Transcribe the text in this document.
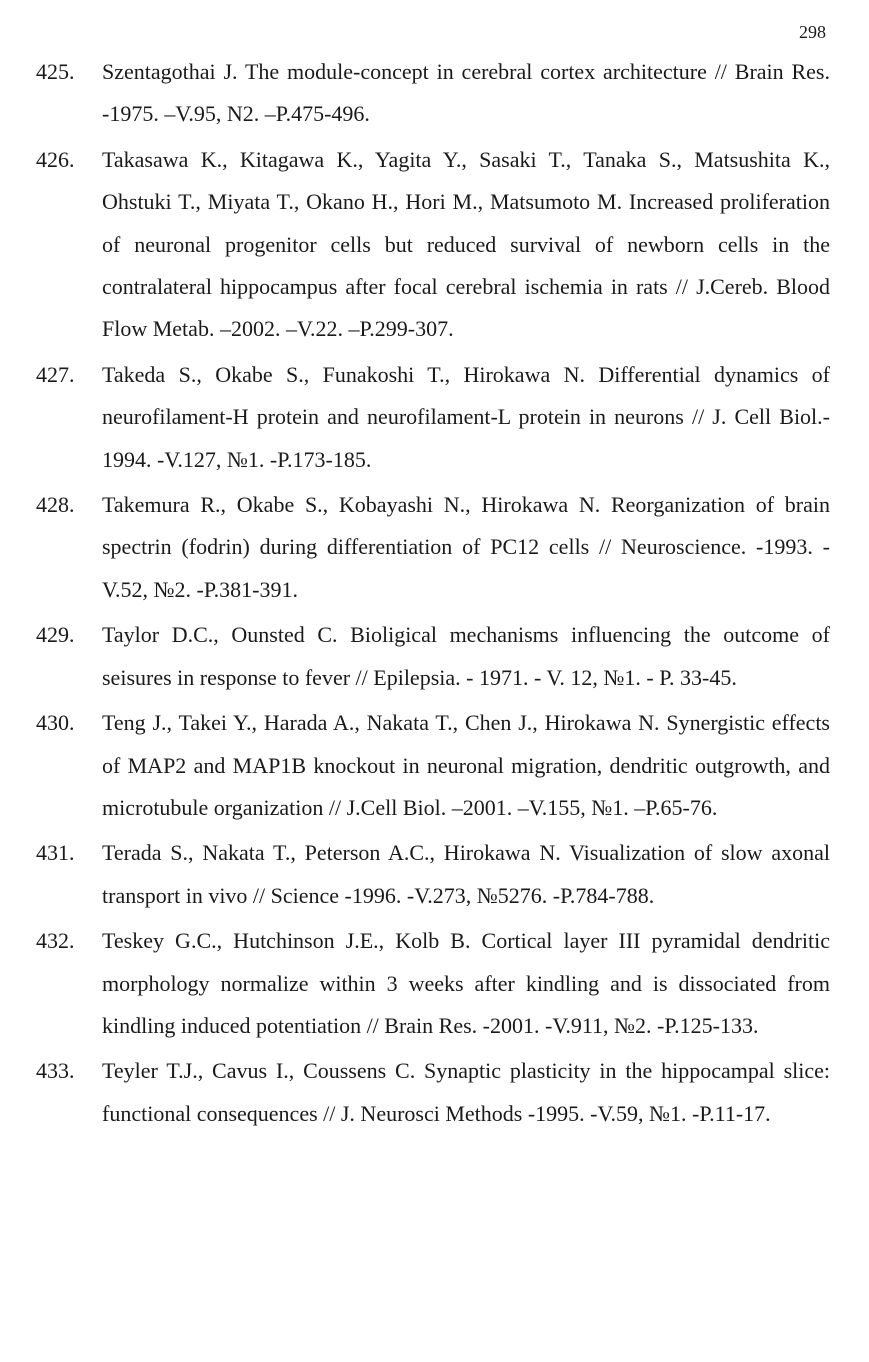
298
425.	Szentagothai J. The module-concept in cerebral cortex architecture // Brain Res. -1975. –V.95, N2. –P.475-496.
426.	Takasawa K., Kitagawa K., Yagita Y., Sasaki T., Tanaka S., Matsushita K., Ohstuki T., Miyata T., Okano H., Hori M., Matsumoto M. Increased proliferation of neuronal progenitor cells but reduced survival of newborn cells in the contralateral hippocampus after focal cerebral ischemia in rats // J.Cereb. Blood Flow Metab. –2002. –V.22. –P.299-307.
427.	Takeda S., Okabe S., Funakoshi T., Hirokawa N. Differential dynamics of neurofilament-H protein and neurofilament-L protein in neurons // J. Cell Biol.- 1994. -V.127, №1. -P.173-185.
428.	Takemura R., Okabe S., Kobayashi N., Hirokawa N. Reorganization of brain spectrin (fodrin) during differentiation of PC12 cells // Neuroscience. -1993. -V.52, №2. -P.381-391.
429.	Taylor D.C., Ounsted C. Bioligical mechanisms influencing the outcome of seisures in response to fever // Epilepsia. - 1971. - V. 12, №1. - P. 33-45.
430.	Teng J., Takei Y., Harada A., Nakata T., Chen J., Hirokawa N. Synergistic effects of MAP2 and MAP1B knockout in neuronal migration, dendritic outgrowth, and microtubule organization // J.Cell Biol. –2001. –V.155, №1. –P.65-76.
431.	Terada S., Nakata T., Peterson A.C., Hirokawa N. Visualization of slow axonal transport in vivo // Science -1996. -V.273, №5276. -P.784-788.
432.	Teskey G.C., Hutchinson J.E., Kolb B. Cortical layer III pyramidal dendritic morphology normalize within 3 weeks after kindling and is dissociated from kindling induced potentiation // Brain Res. -2001. -V.911, №2. -P.125-133.
433.	Teyler T.J., Cavus I., Coussens C. Synaptic plasticity in the hippocampal slice: functional consequences // J. Neurosci Methods -1995. -V.59, №1. -P.11-17.
